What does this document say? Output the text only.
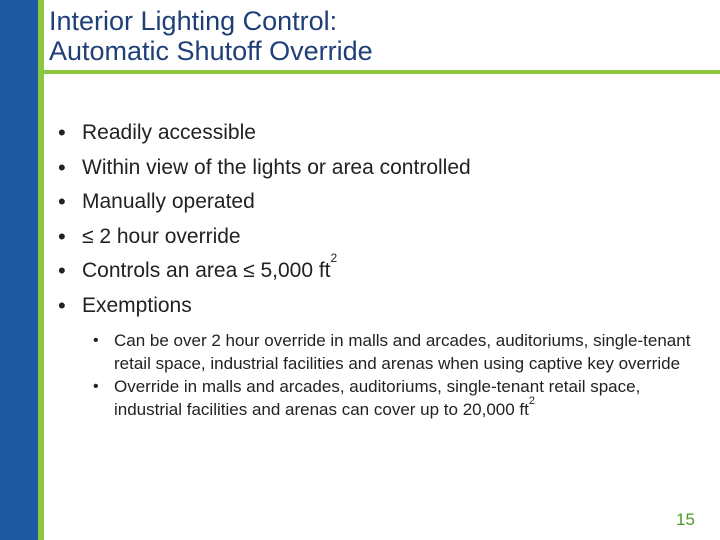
Interior Lighting Control:
Automatic Shutoff Override
• Readily accessible
• Within view of the lights or area controlled
• Manually operated
• ≤ 2 hour override
• Controls an area ≤ 5,000 $ft^2$
• Exemptions
• Can be over 2 hour override in malls and arcades, auditoriums, single-tenant retail space, industrial facilities and arenas when using captive key override
• Override in malls and arcades, auditoriums, single-tenant retail space, industrial facilities and arenas can cover up to 20,000 $ft^2$
15
